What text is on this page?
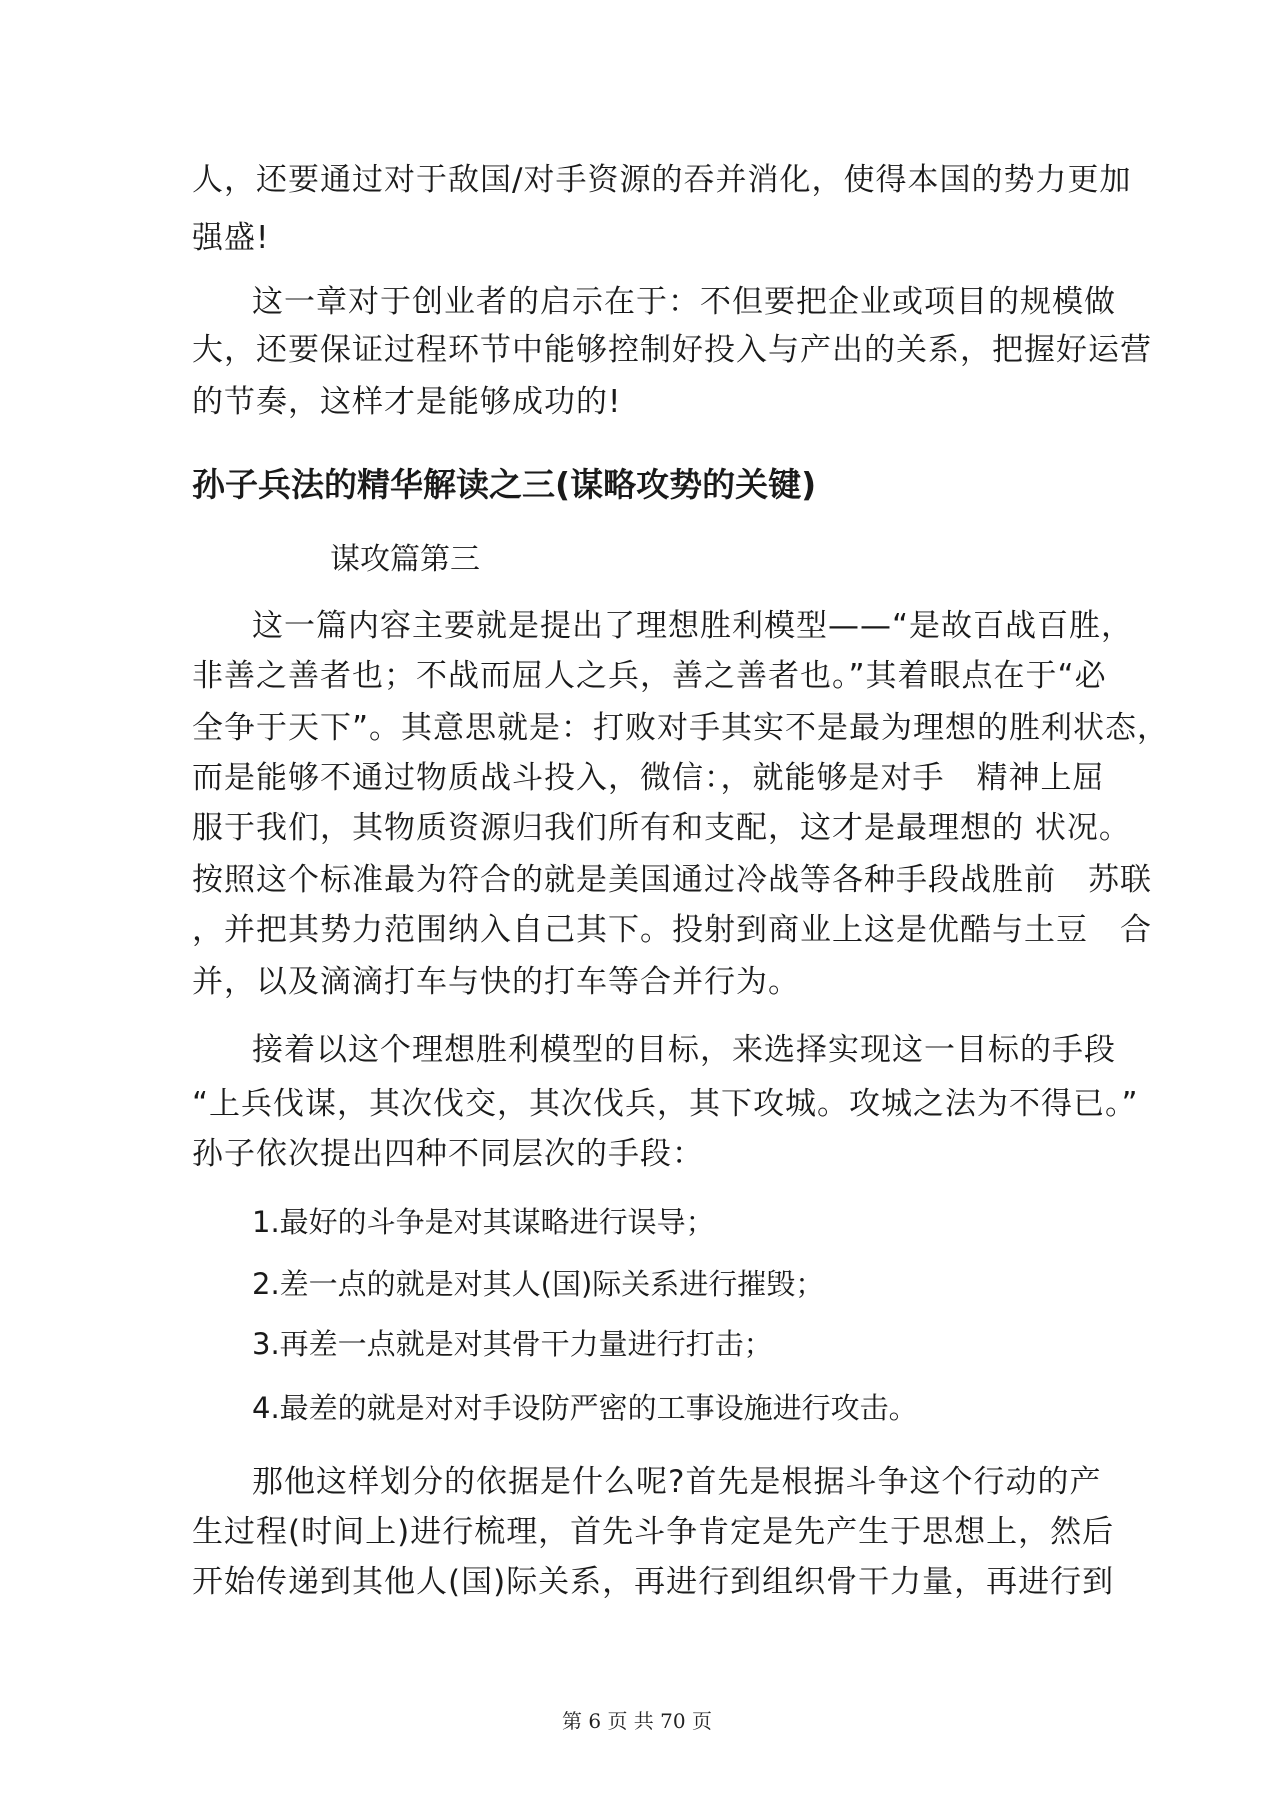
人，还要通过对于敌国/对手资源的吞并消化，使得本国的势力更加
强盛!
这一章对于创业者的启示在于：不但要把企业或项目的规模做
大，还要保证过程环节中能够控制好投入与产出的关系，把握好运营
的节奏，这样才是能够成功的!
孙子兵法的精华解读之三(谋略攻势的关键)
谋攻篇第三
这一篇内容主要就是提出了理想胜利模型——“是故百战百胜，
非善之善者也；不战而屈人之兵，善之善者也。”其着眼点在于“必
全争于天下”。其意思就是：打败对手其实不是最为理想的胜利状态，
而是能够不通过物质战斗投入，微信：，就能够是对手　精神上屈
服于我们，其物质资源归我们所有和支配，这才是最理想的 状况。
按照这个标准最为符合的就是美国通过冷战等各种手段战胜前　苏联
，并把其势力范围纳入自己其下。投射到商业上这是优酷与土豆　合
并，以及滴滴打车与快的打车等合并行为。
接着以这个理想胜利模型的目标，来选择实现这一目标的手段
“上兵伐谋，其次伐交，其次伐兵，其下攻城。攻城之法为不得已。”
孙子依次提出四种不同层次的手段：
1.最好的斗争是对其谋略进行误导；
2.差一点的就是对其人(国)际关系进行摧毁；
3.再差一点就是对其骨干力量进行打击；
4.最差的就是对对手设防严密的工事设施进行攻击。
那他这样划分的依据是什么呢?首先是根据斗争这个行动的产
生过程(时间上)进行梳理，首先斗争肯定是先产生于思想上，然后
开始传递到其他人(国)际关系，再进行到组织骨干力量，再进行到
第 6 页 共 70 页
